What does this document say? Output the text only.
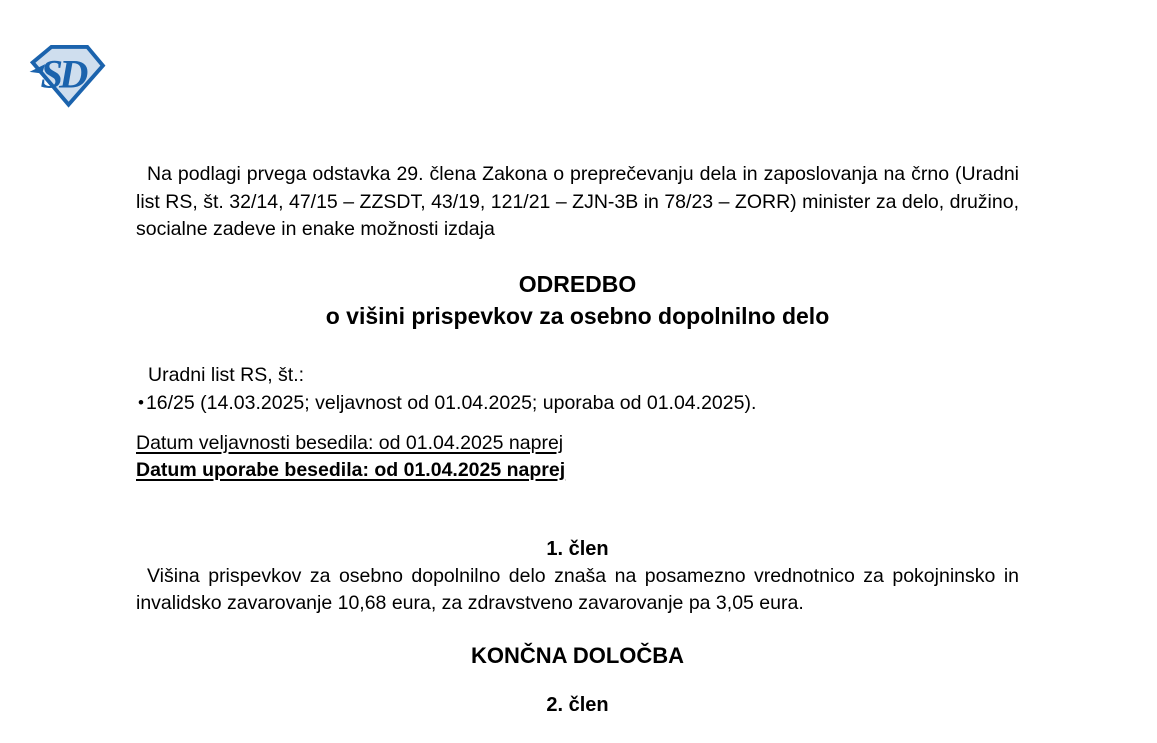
SD

Na podlagi prvega odstavka 29. člena Zakona o preprečevanju dela in zaposlovanja na črno (Uradni list RS, št. 32/14, 47/15 – ZZSDT, 43/19, 121/21 – ZJN-3B in 78/23 – ZORR) minister za delo, družino, socialne zadeve in enake možnosti izdaja

ODREDBO
o višini prispevkov za osebno dopolnilno delo
Uradni list RS, št.:
• 16/25 (14.03.2025; veljavnost od 01.04.2025; uporaba od 01.04.2025).
Datum veljavnosti besedila: od 01.04.2025 naprej
Datum uporabe besedila: od 01.04.2025 naprej
1. člen

Višina prispevkov za osebno dopolnilno delo znaša na posamezno vrednotnico za pokojninsko in invalidsko zavarovanje 10,68 eura, za zdravstveno zavarovanje pa 3,05 eura.

KONČNA DOLOČBA
2. člen
